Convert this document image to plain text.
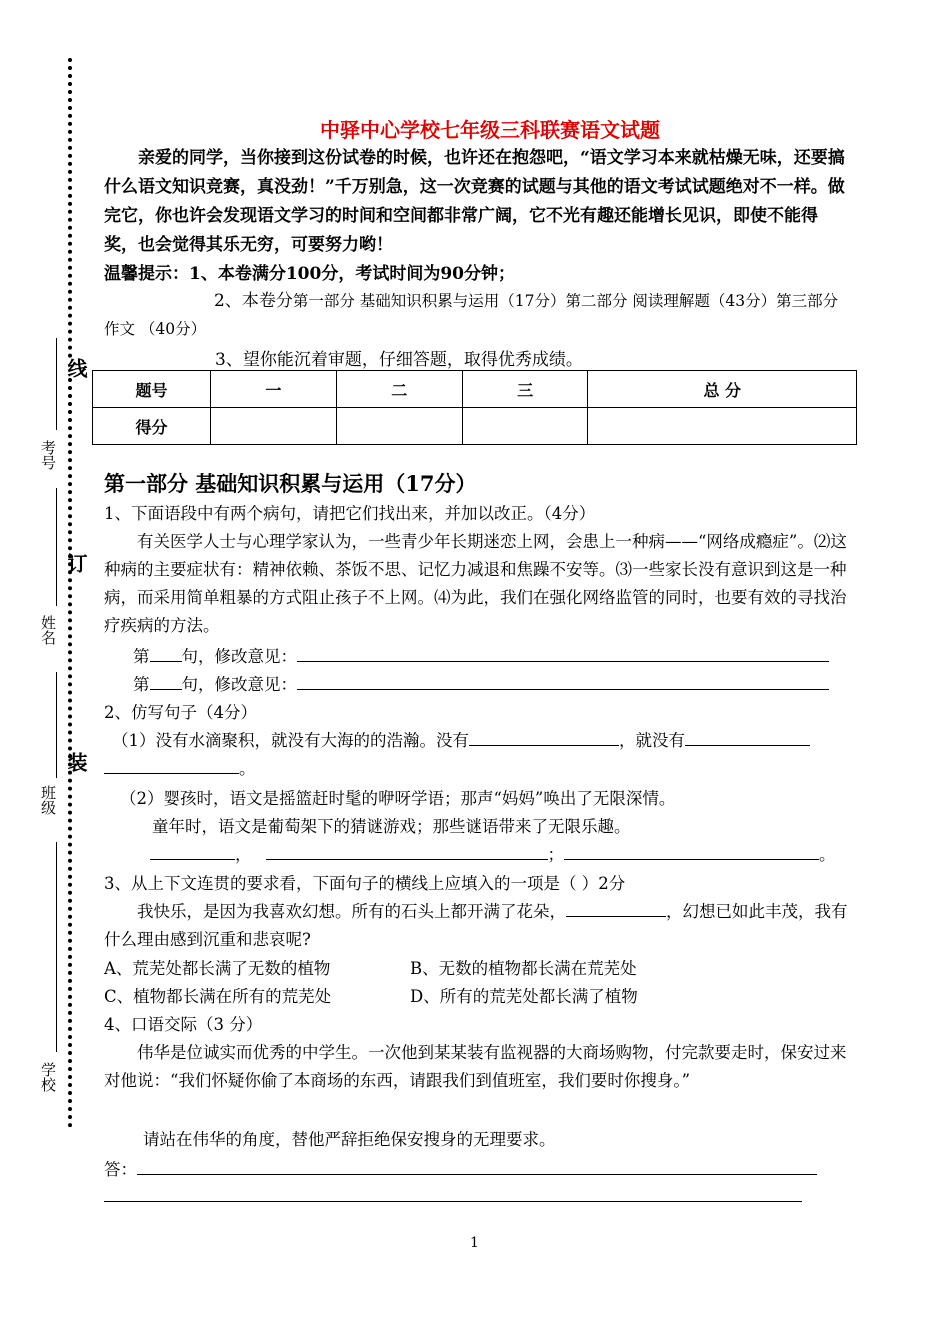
线
订
装
考号
姓名
班级
学校
中驿中心学校七年级三科联赛语文试题
亲爱的同学，当你接到这份试卷的时候，也许还在抱怨吧，“语文学习本来就枯燥无味，还要搞什么语文知识竞赛，真没劲！”千万别急，这一次竞赛的试题与其他的语文考试试题绝对不一样。做完它，你也许会发现语文学习的时间和空间都非常广阔，它不光有趣还能增长见识，即使不能得奖，也会觉得其乐无穷，可要努力哟！
温馨提示：1、本卷满分100分，考试时间为90分钟；
2、本卷分第一部分 基础知识积累与运用（17分）第二部分 阅读理解题（43分）第三部分 作文 （40分）
3、望你能沉着审题，仔细答题，取得优秀成绩。
题号	一	二	三	总 分
得分				
第一部分 基础知识积累与运用（17分）
1、下面语段中有两个病句，请把它们找出来，并加以改正。（4分）
有关医学人士与心理学家认为，一些青少年长期迷恋上网，会患上一种病——“网络成瘾症”。⑵这种病的主要症状有：精神依赖、茶饭不思、记忆力减退和焦躁不安等。⑶一些家长没有意识到这是一种病，而采用简单粗暴的方式阻止孩子不上网。⑷为此，我们在强化网络监管的同时，也要有效的寻找治疗疾病的方法。
第 句，修改意见：
第 句，修改意见：
2、仿写句子（4分）
（1）没有水滴聚积，就没有大海的的浩瀚。没有	，就没有
。
（2）婴孩时，语文是摇篮赶时髦的咿呀学语；那声“妈妈”唤出了无限深情。
童年时，语文是葡萄架下的猜谜游戏；那些谜语带来了无限乐趣。
，	；	。
3、从上下文连贯的要求看，下面句子的横线上应填入的一项是（ ）2分
我快乐，是因为我喜欢幻想。所有的石头上都开满了花朵，	，幻想已如此丰茂，我有什么理由感到沉重和悲哀呢?
A、荒芜处都长满了无数的植物	B、无数的植物都长满在荒芜处
C、植物都长满在所有的荒芜处	D、所有的荒芜处都长满了植物
4、口语交际（3 分）
伟华是位诚实而优秀的中学生。一次他到某某装有监视器的大商场购物，付完款要走时，保安过来对他说：“我们怀疑你偷了本商场的东西，请跟我们到值班室，我们要时你搜身。”
请站在伟华的角度，替他严辞拒绝保安搜身的无理要求。
答：
1
